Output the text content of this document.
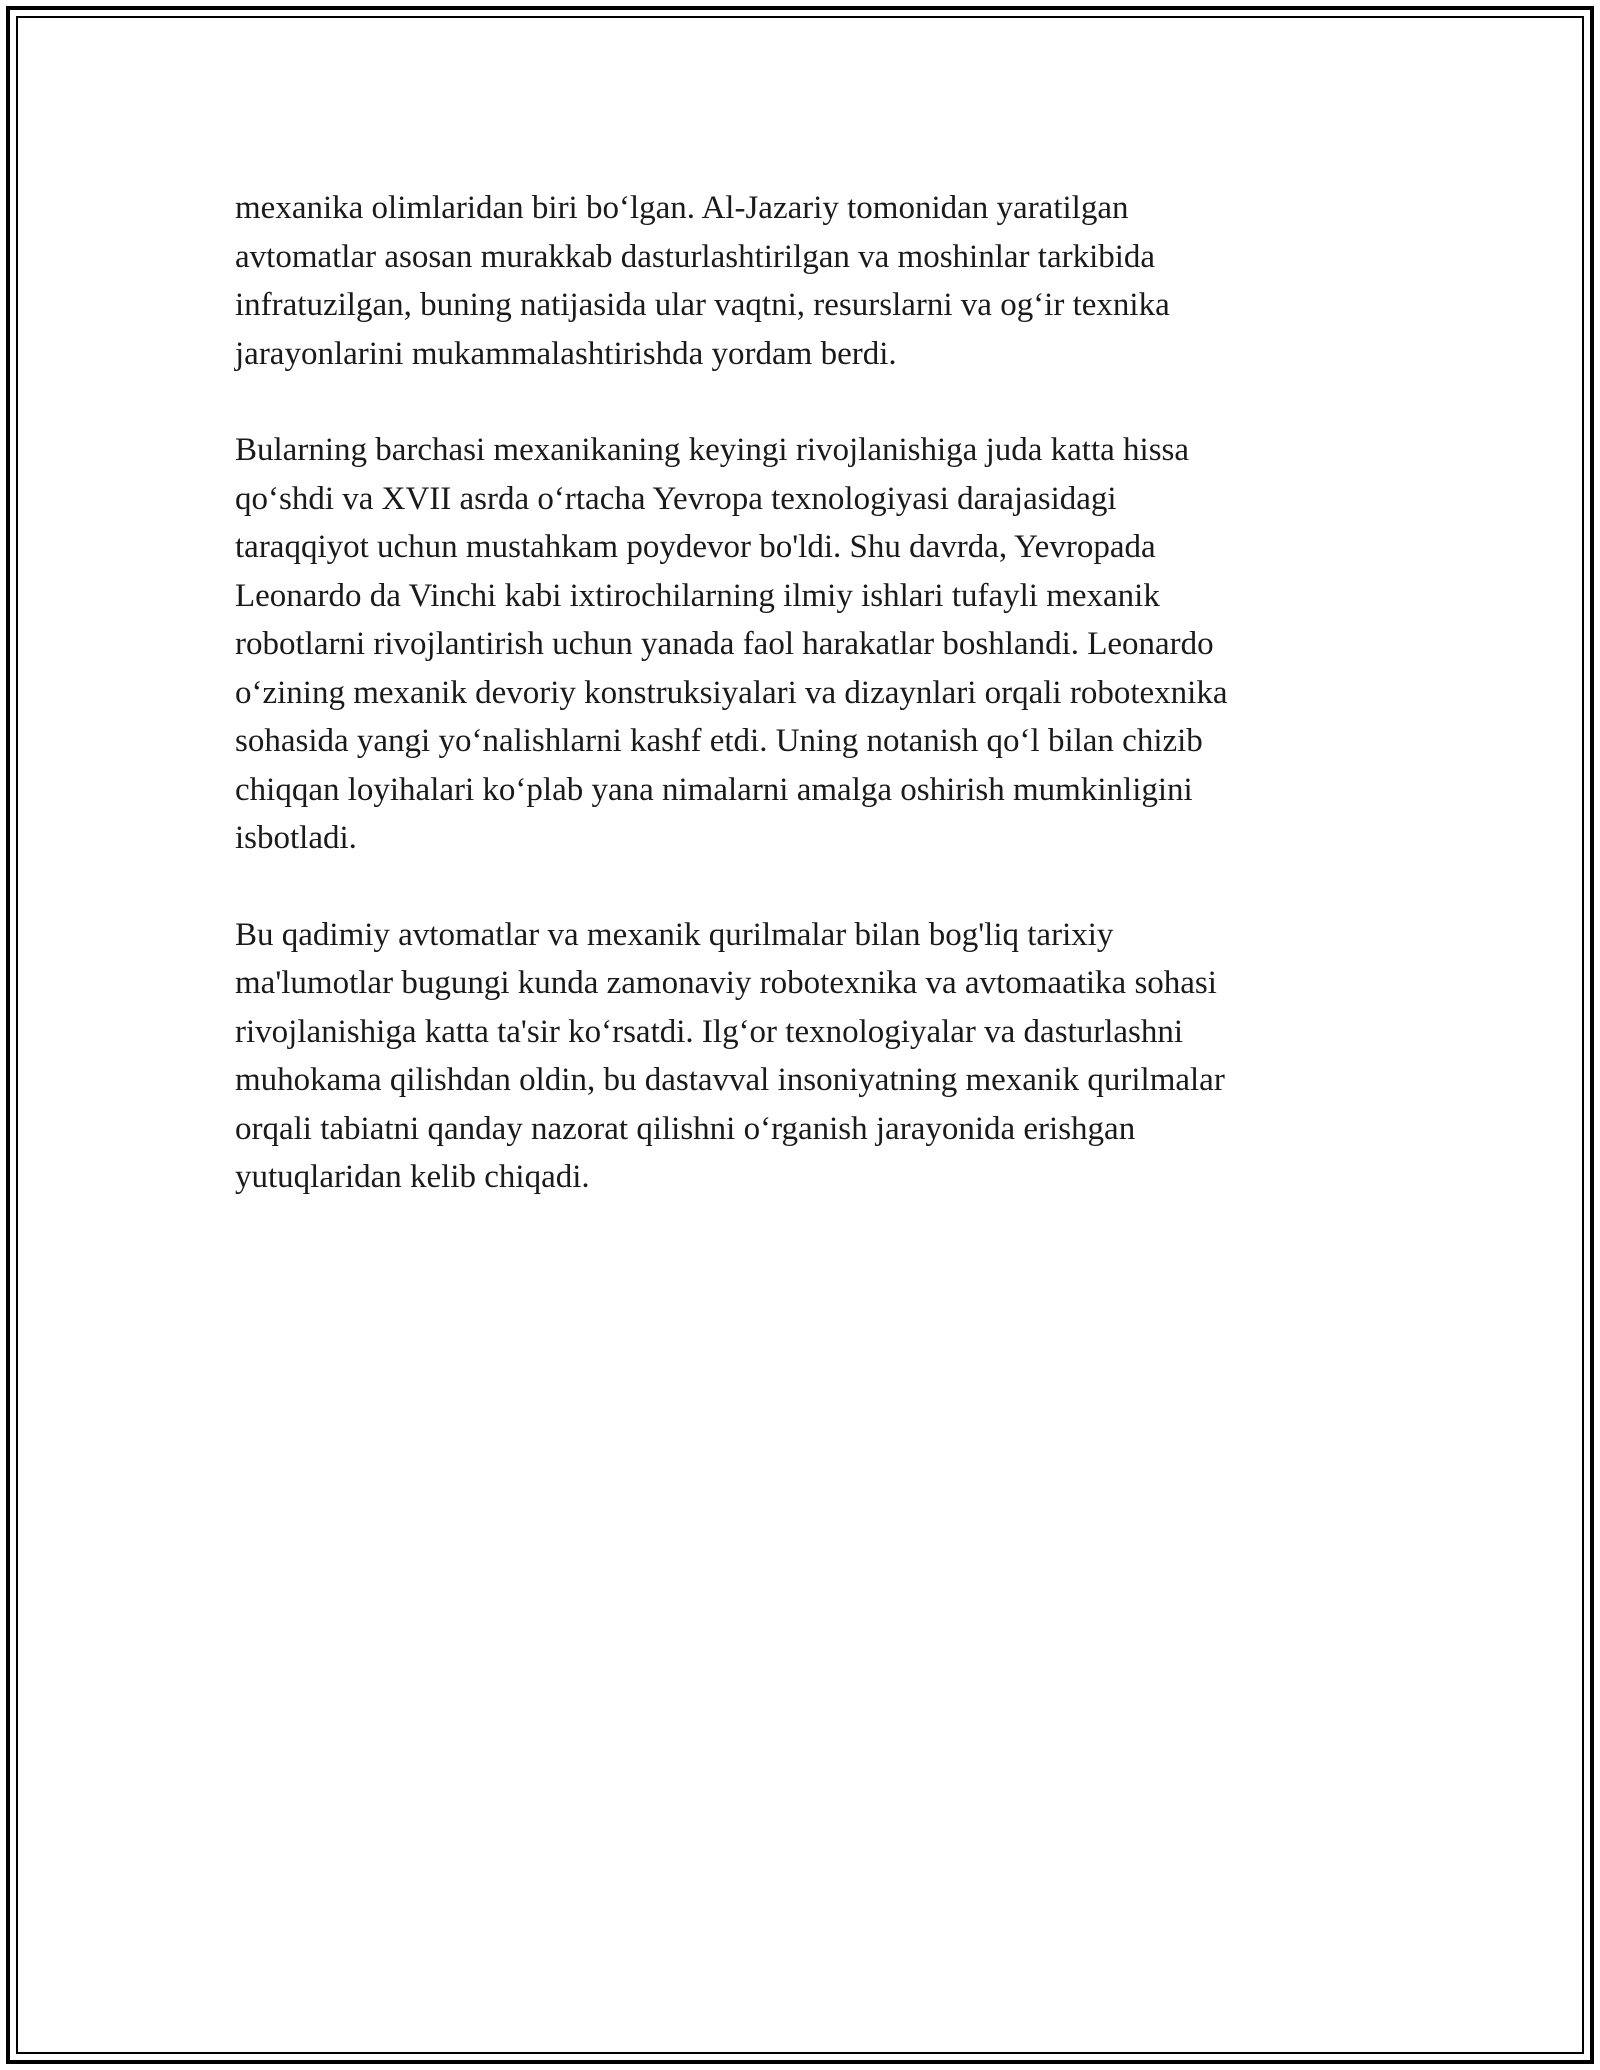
mexanika olimlaridan biri bo‘lgan. Al-Jazariy tomonidan yaratilgan
avtomatlar asosan murakkab dasturlashtirilgan va moshinlar tarkibida
infratuzilgan, buning natijasida ular vaqtni, resurslarni va og‘ir texnika
jarayonlarini mukammalashtirishda yordam berdi.

Bularning barchasi mexanikaning keyingi rivojlanishiga juda katta hissa
qo‘shdi va XVII asrda o‘rtacha Yevropa texnologiyasi darajasidagi
taraqqiyot uchun mustahkam poydevor bo'ldi. Shu davrda, Yevropada
Leonardo da Vinchi kabi ixtirochilarning ilmiy ishlari tufayli mexanik
robotlarni rivojlantirish uchun yanada faol harakatlar boshlandi. Leonardo
o‘zining mexanik devoriy konstruksiyalari va dizaynlari orqali robotexnika
sohasida yangi yo‘nalishlarni kashf etdi. Uning notanish qo‘l bilan chizib
chiqqan loyihalari ko‘plab yana nimalarni amalga oshirish mumkinligini
isbotladi.

Bu qadimiy avtomatlar va mexanik qurilmalar bilan bog'liq tarixiy
ma'lumotlar bugungi kunda zamonaviy robotexnika va avtomaatika sohasi
rivojlanishiga katta ta'sir ko‘rsatdi. Ilg‘or texnologiyalar va dasturlashni
muhokama qilishdan oldin, bu dastavval insoniyatning mexanik qurilmalar
orqali tabiatni qanday nazorat qilishni o‘rganish jarayonida erishgan
yutuqlaridan kelib chiqadi.
